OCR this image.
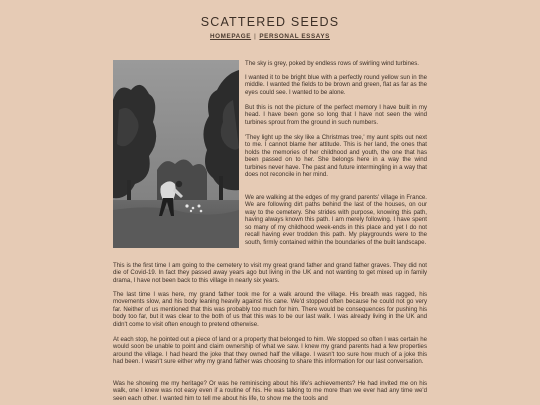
SCATTERED SEEDS
HOMEPAGE | PERSONAL ESSAYS

The sky is grey, poked by endless rows of swirling wind turbines.

I wanted it to be bright blue with a perfectly round yellow sun in the middle. I wanted the fields to be brown and green, flat as far as the eyes could see. I wanted to be alone.

But this is not the picture of the perfect memory I have built in my head. I have been gone so long that I have not seen the wind turbines sprout from the ground in such numbers.

'They light up the sky like a Christmas tree,' my aunt spits out next to me. I cannot blame her attitude. This is her land, the ones that holds the memories of her childhood and youth, the one that has been passed on to her. She belongs here in a way the wind turbines never have. The past and future intermingling in a way that does not reconcile in her mind.

We are walking at the edges of my grand parents' village in France. We are following dirt paths behind the last of the houses, on our way to the cemetery. She strides with purpose, knowing this path, having always known this path. I am merely following. I have spent so many of my childhood week-ends in this place and yet I do not recall having ever trodden this path. My playgrounds were to the south, firmly contained within the boundaries of the built landscape.

This is the first time I am going to the cemetery to visit my great grand father and grand father graves. They did not die of Covid-19. In fact they passed away years ago but living in the UK and not wanting to get mixed up in family drama, I have not been back to this village in nearly six years.

The last time I was here, my grand father took me for a walk around the village. His breath was ragged, his movements slow, and his body leaning heavily against his cane. We'd stopped often because he could not go very far. Neither of us mentioned that this was probably too much for him. There would be consequences for pushing his body too far, but it was clear to the both of us that this was to be our last walk. I was already living in the UK and didn't come to visit often enough to pretend otherwise.

At each stop, he pointed out a piece of land or a property that belonged to him. We stopped so often I was certain he would soon be unable to point and claim ownership of what we saw. I knew my grand parents had a few properties around the village. I had heard the joke that they owned half the village. I wasn't too sure how much of a joke this had been. I wasn't sure either why my grand father was choosing to share this information for our last conversation.

Was he showing me my heritage? Or was he reminiscing about his life's achievements? He had invited me on his walk, one I knew was not easy even if a routine of his. He was talking to me more than we ever had any time we'd seen each other. I wanted him to tell me about his life, to show me the tools and
